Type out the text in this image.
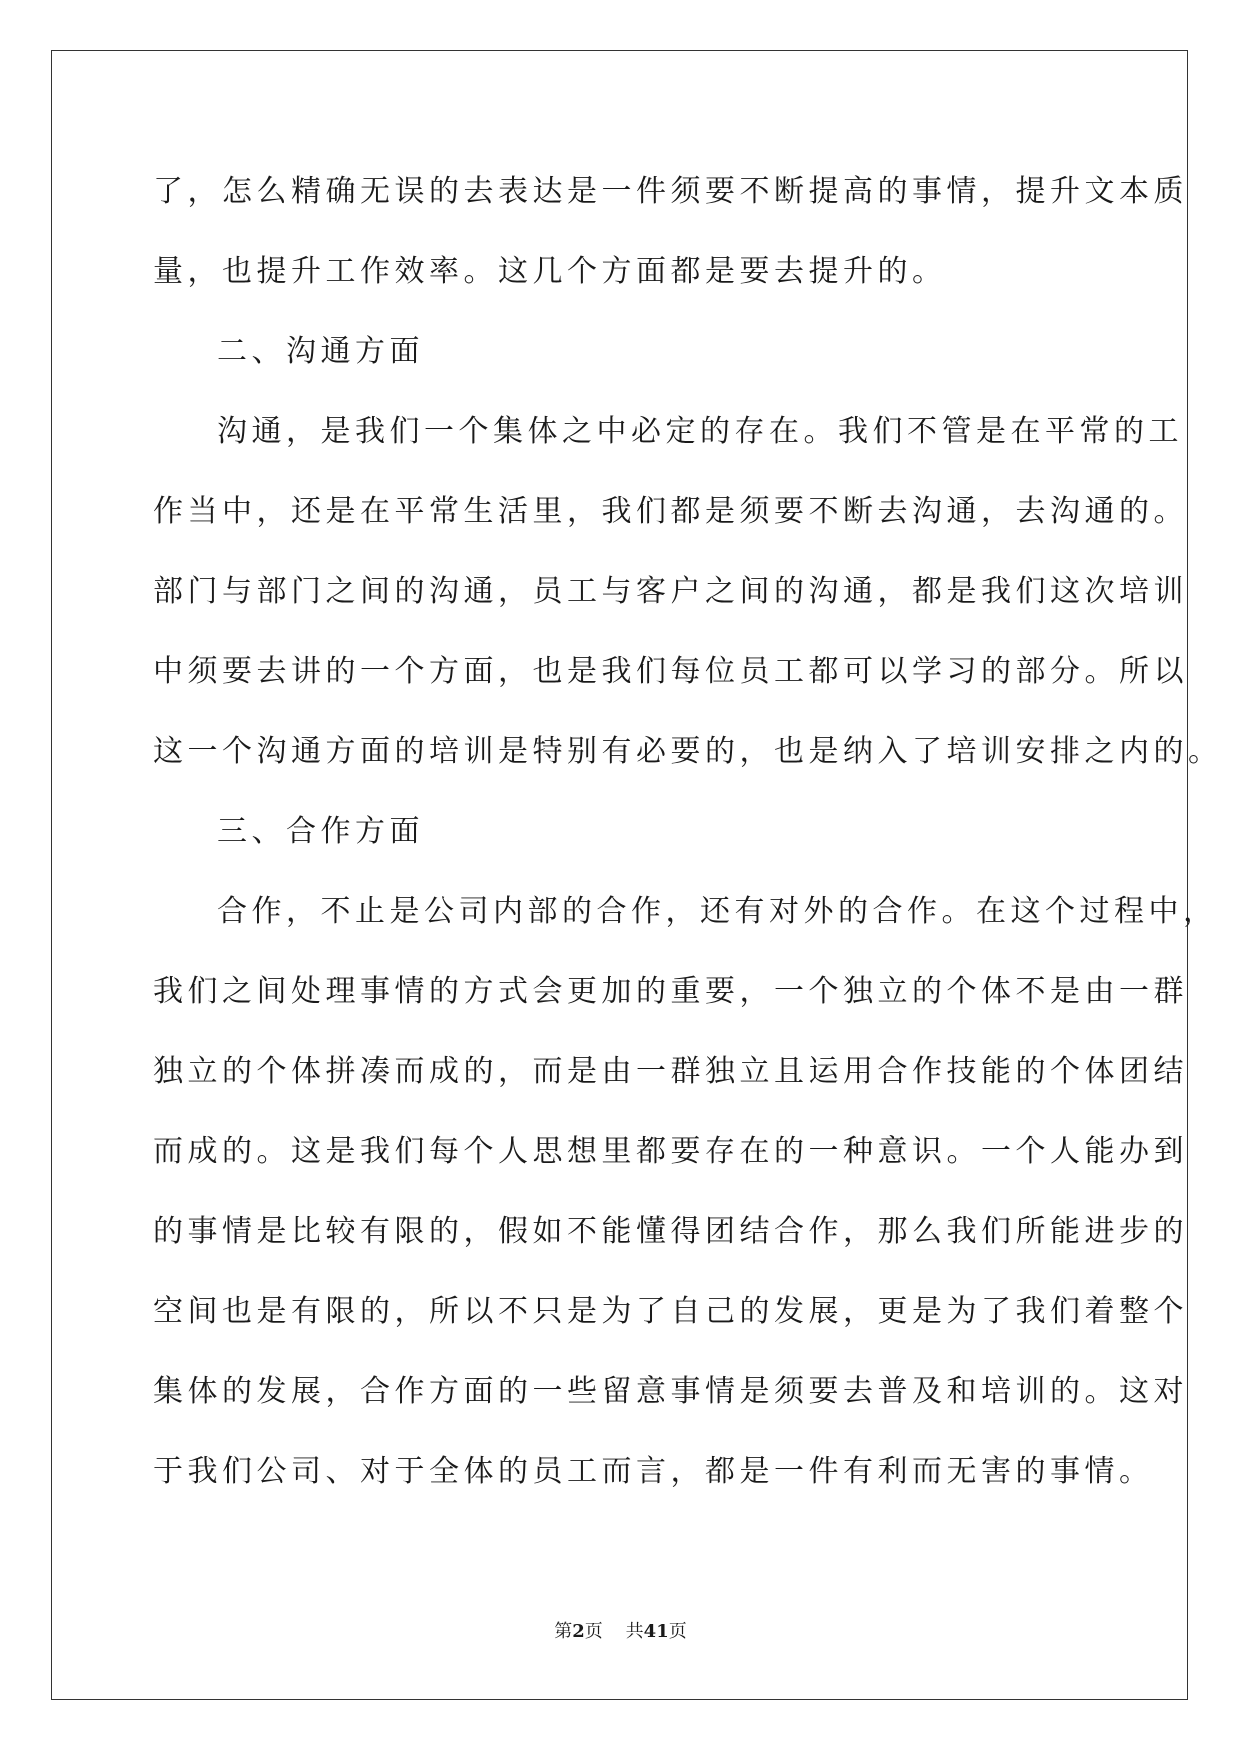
了，怎么精确无误的去表达是一件须要不断提高的事情，提升文本质
量，也提升工作效率。这几个方面都是要去提升的。
二、沟通方面
沟通，是我们一个集体之中必定的存在。我们不管是在平常的工
作当中，还是在平常生活里，我们都是须要不断去沟通，去沟通的。
部门与部门之间的沟通，员工与客户之间的沟通，都是我们这次培训
中须要去讲的一个方面，也是我们每位员工都可以学习的部分。所以
这一个沟通方面的培训是特别有必要的，也是纳入了培训安排之内的。
三、合作方面
合作，不止是公司内部的合作，还有对外的合作。在这个过程中，
我们之间处理事情的方式会更加的重要，一个独立的个体不是由一群
独立的个体拼凑而成的，而是由一群独立且运用合作技能的个体团结
而成的。这是我们每个人思想里都要存在的一种意识。一个人能办到
的事情是比较有限的，假如不能懂得团结合作，那么我们所能进步的
空间也是有限的，所以不只是为了自己的发展，更是为了我们着整个
集体的发展，合作方面的一些留意事情是须要去普及和培训的。这对
于我们公司、对于全体的员工而言，都是一件有利而无害的事情。
第2页 共41页
